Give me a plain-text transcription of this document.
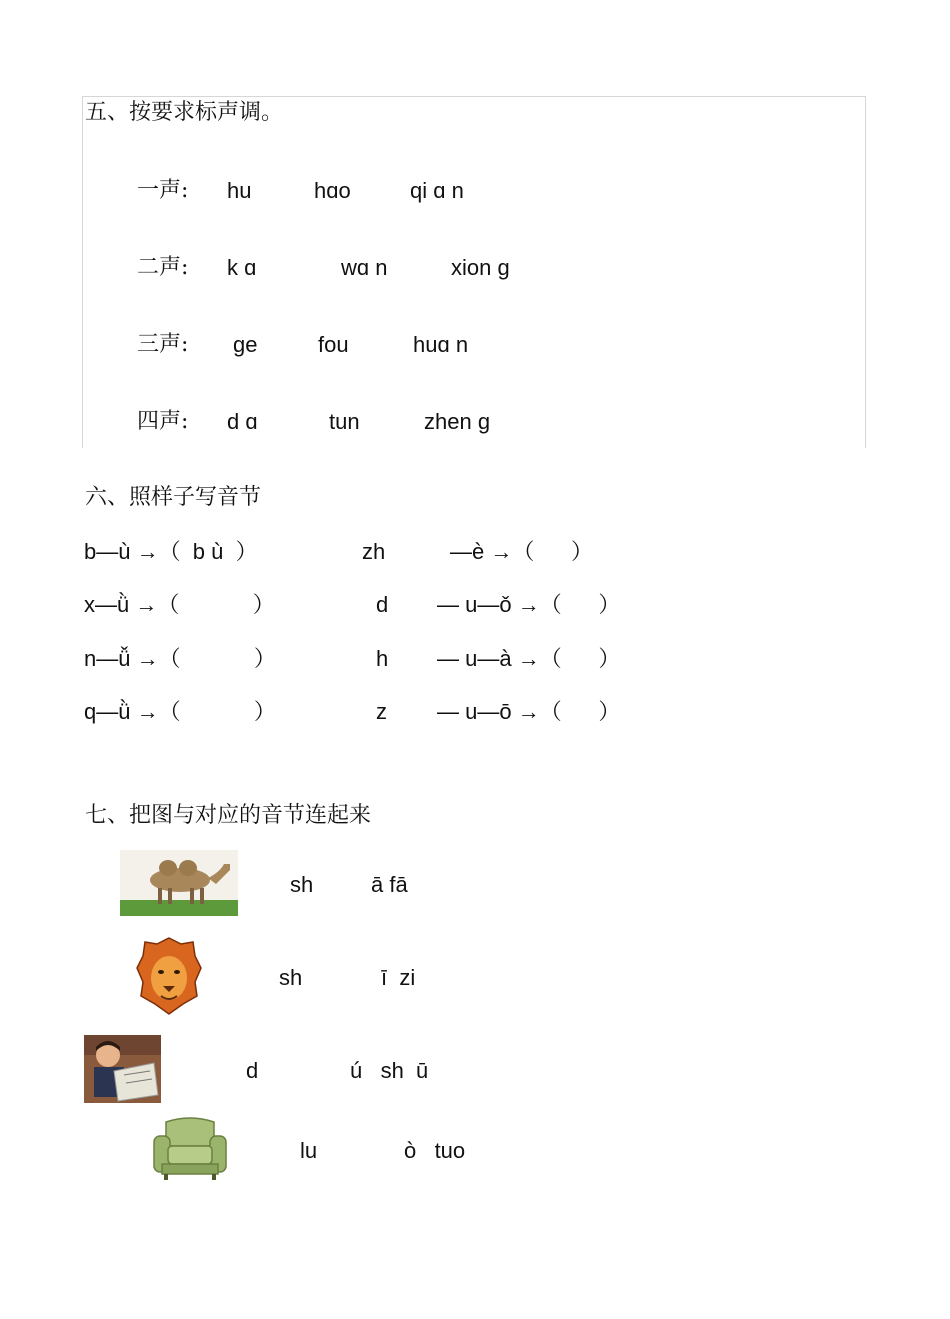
五、按要求标声调。
一声: hu	hɑo	qi ɑ n
二声: k ɑ	wɑ n	xion g
三声: ge	fou	huɑ n
四声: d ɑ	tun	zhen g
六、照样子写音节
b—ù →（  b ù  ）	zh	—è →（      ）
x—ǜ →（            ）	d — u—ǒ →（      ）
n—ǚ →（            ）	h — u—à →（      ）
q—ǜ →（            ）	z — u—ō →（      ）
七、把图与对应的音节连起来
sh	ā fā
sh	ī  zi
d	ú   sh  ū
lu	ò   tuo
